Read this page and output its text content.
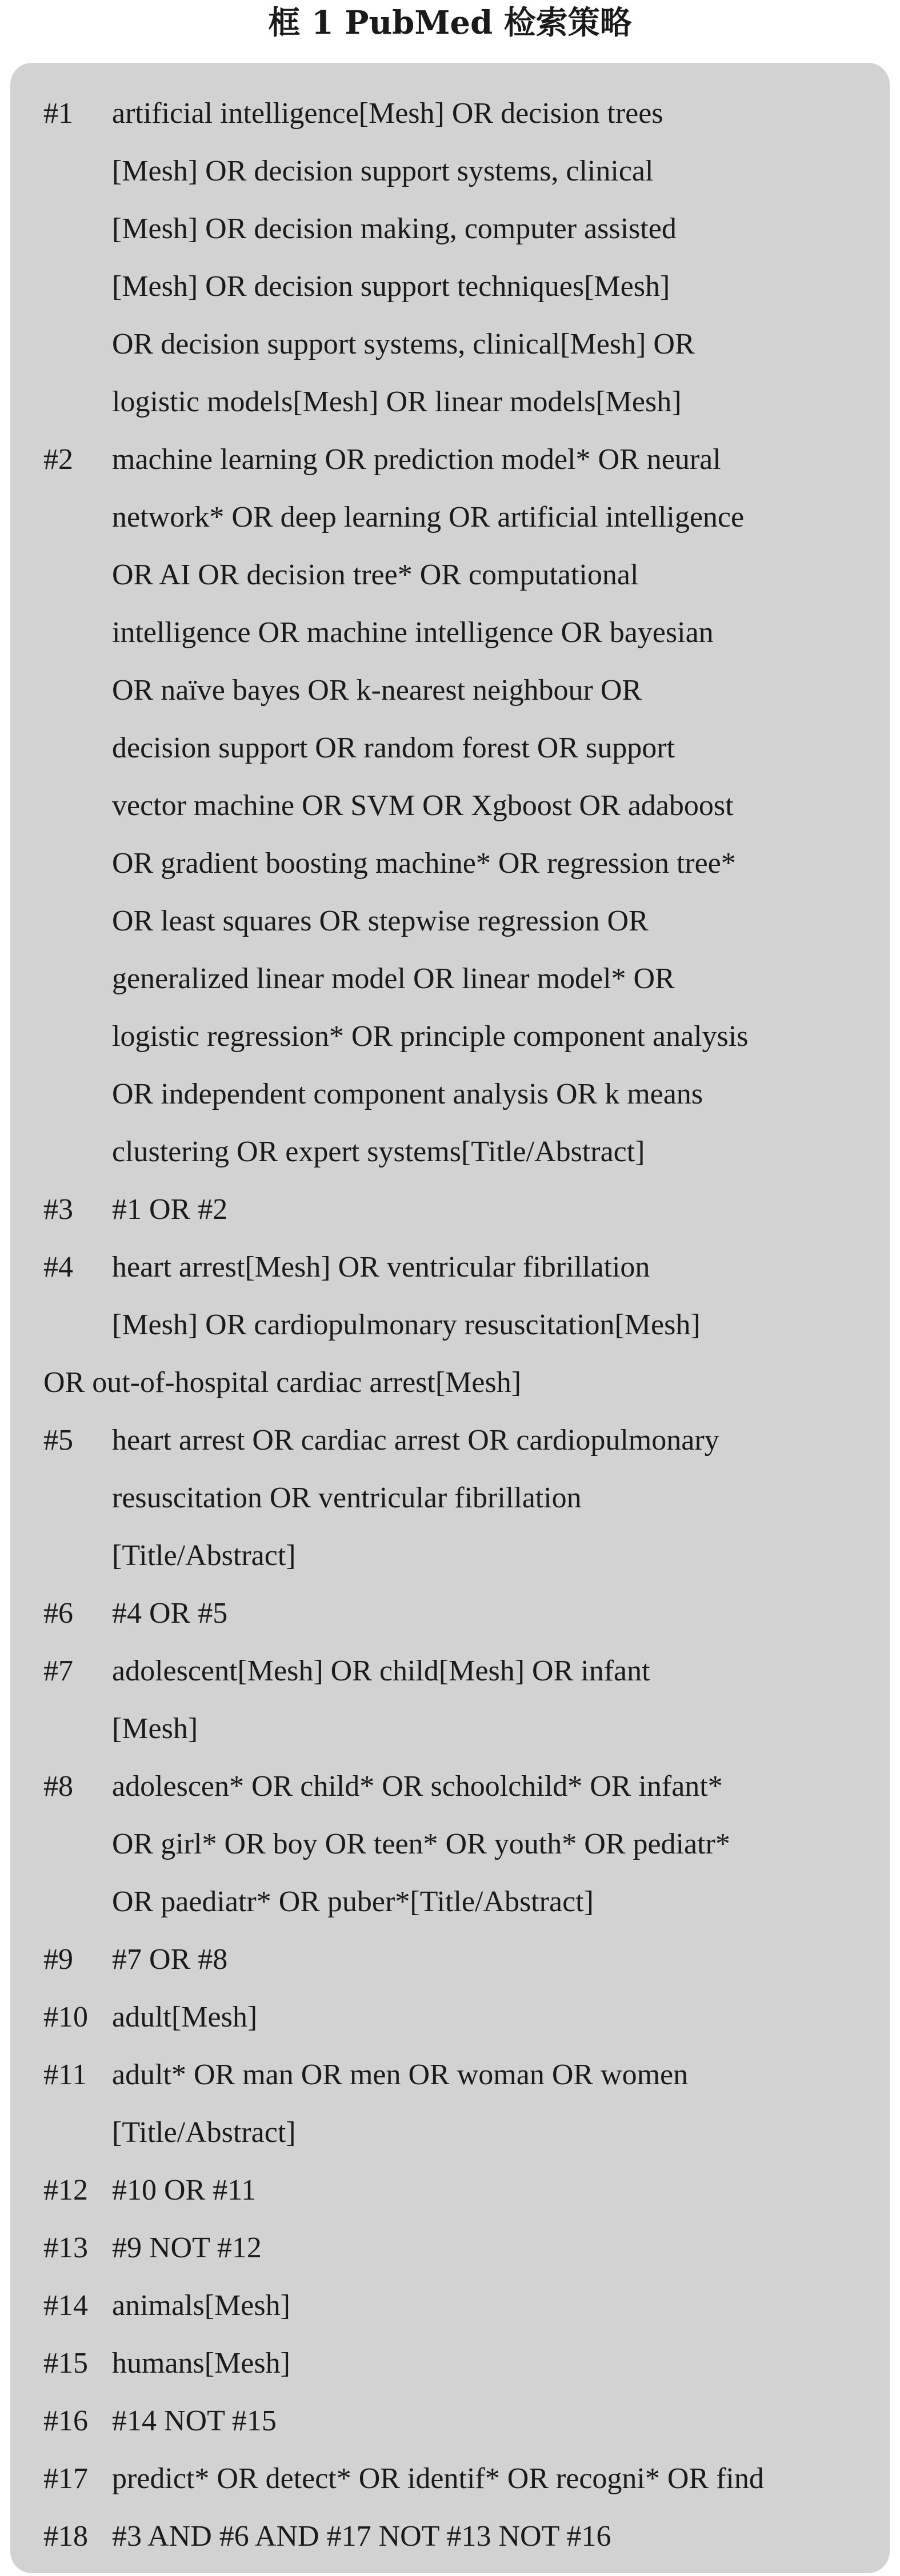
框 1 PubMed 检索策略
#1 artificial intelligence[Mesh] OR decision trees
[Mesh] OR decision support systems, clinical
[Mesh] OR decision making, computer assisted
[Mesh] OR decision support techniques[Mesh]
OR decision support systems, clinical[Mesh] OR
logistic models[Mesh] OR linear models[Mesh]
#2 machine learning OR prediction model* OR neural
network* OR deep learning OR artificial intelligence
OR AI OR decision tree* OR computational
intelligence OR machine intelligence OR bayesian
OR naïve bayes OR k-nearest neighbour OR
decision support OR random forest OR support
vector machine OR SVM OR Xgboost OR adaboost
OR gradient boosting machine* OR regression tree*
OR least squares OR stepwise regression OR
generalized linear model OR linear model* OR
logistic regression* OR principle component analysis
OR independent component analysis OR k means
clustering OR expert systems[Title/Abstract]
#3 #1 OR #2
#4 heart arrest[Mesh] OR ventricular fibrillation
[Mesh] OR cardiopulmonary resuscitation[Mesh]
OR out-of-hospital cardiac arrest[Mesh]
#5 heart arrest OR cardiac arrest OR cardiopulmonary
resuscitation OR ventricular fibrillation
[Title/Abstract]
#6 #4 OR #5
#7 adolescent[Mesh] OR child[Mesh] OR infant
[Mesh]
#8 adolescen* OR child* OR schoolchild* OR infant*
OR girl* OR boy OR teen* OR youth* OR pediatr*
OR paediatr* OR puber*[Title/Abstract]
#9 #7 OR #8
#10 adult[Mesh]
#11 adult* OR man OR men OR woman OR women
[Title/Abstract]
#12 #10 OR #11
#13 #9 NOT #12
#14 animals[Mesh]
#15 humans[Mesh]
#16 #14 NOT #15
#17 predict* OR detect* OR identif* OR recogni* OR find
#18 #3 AND #6 AND #17 NOT #13 NOT #16
